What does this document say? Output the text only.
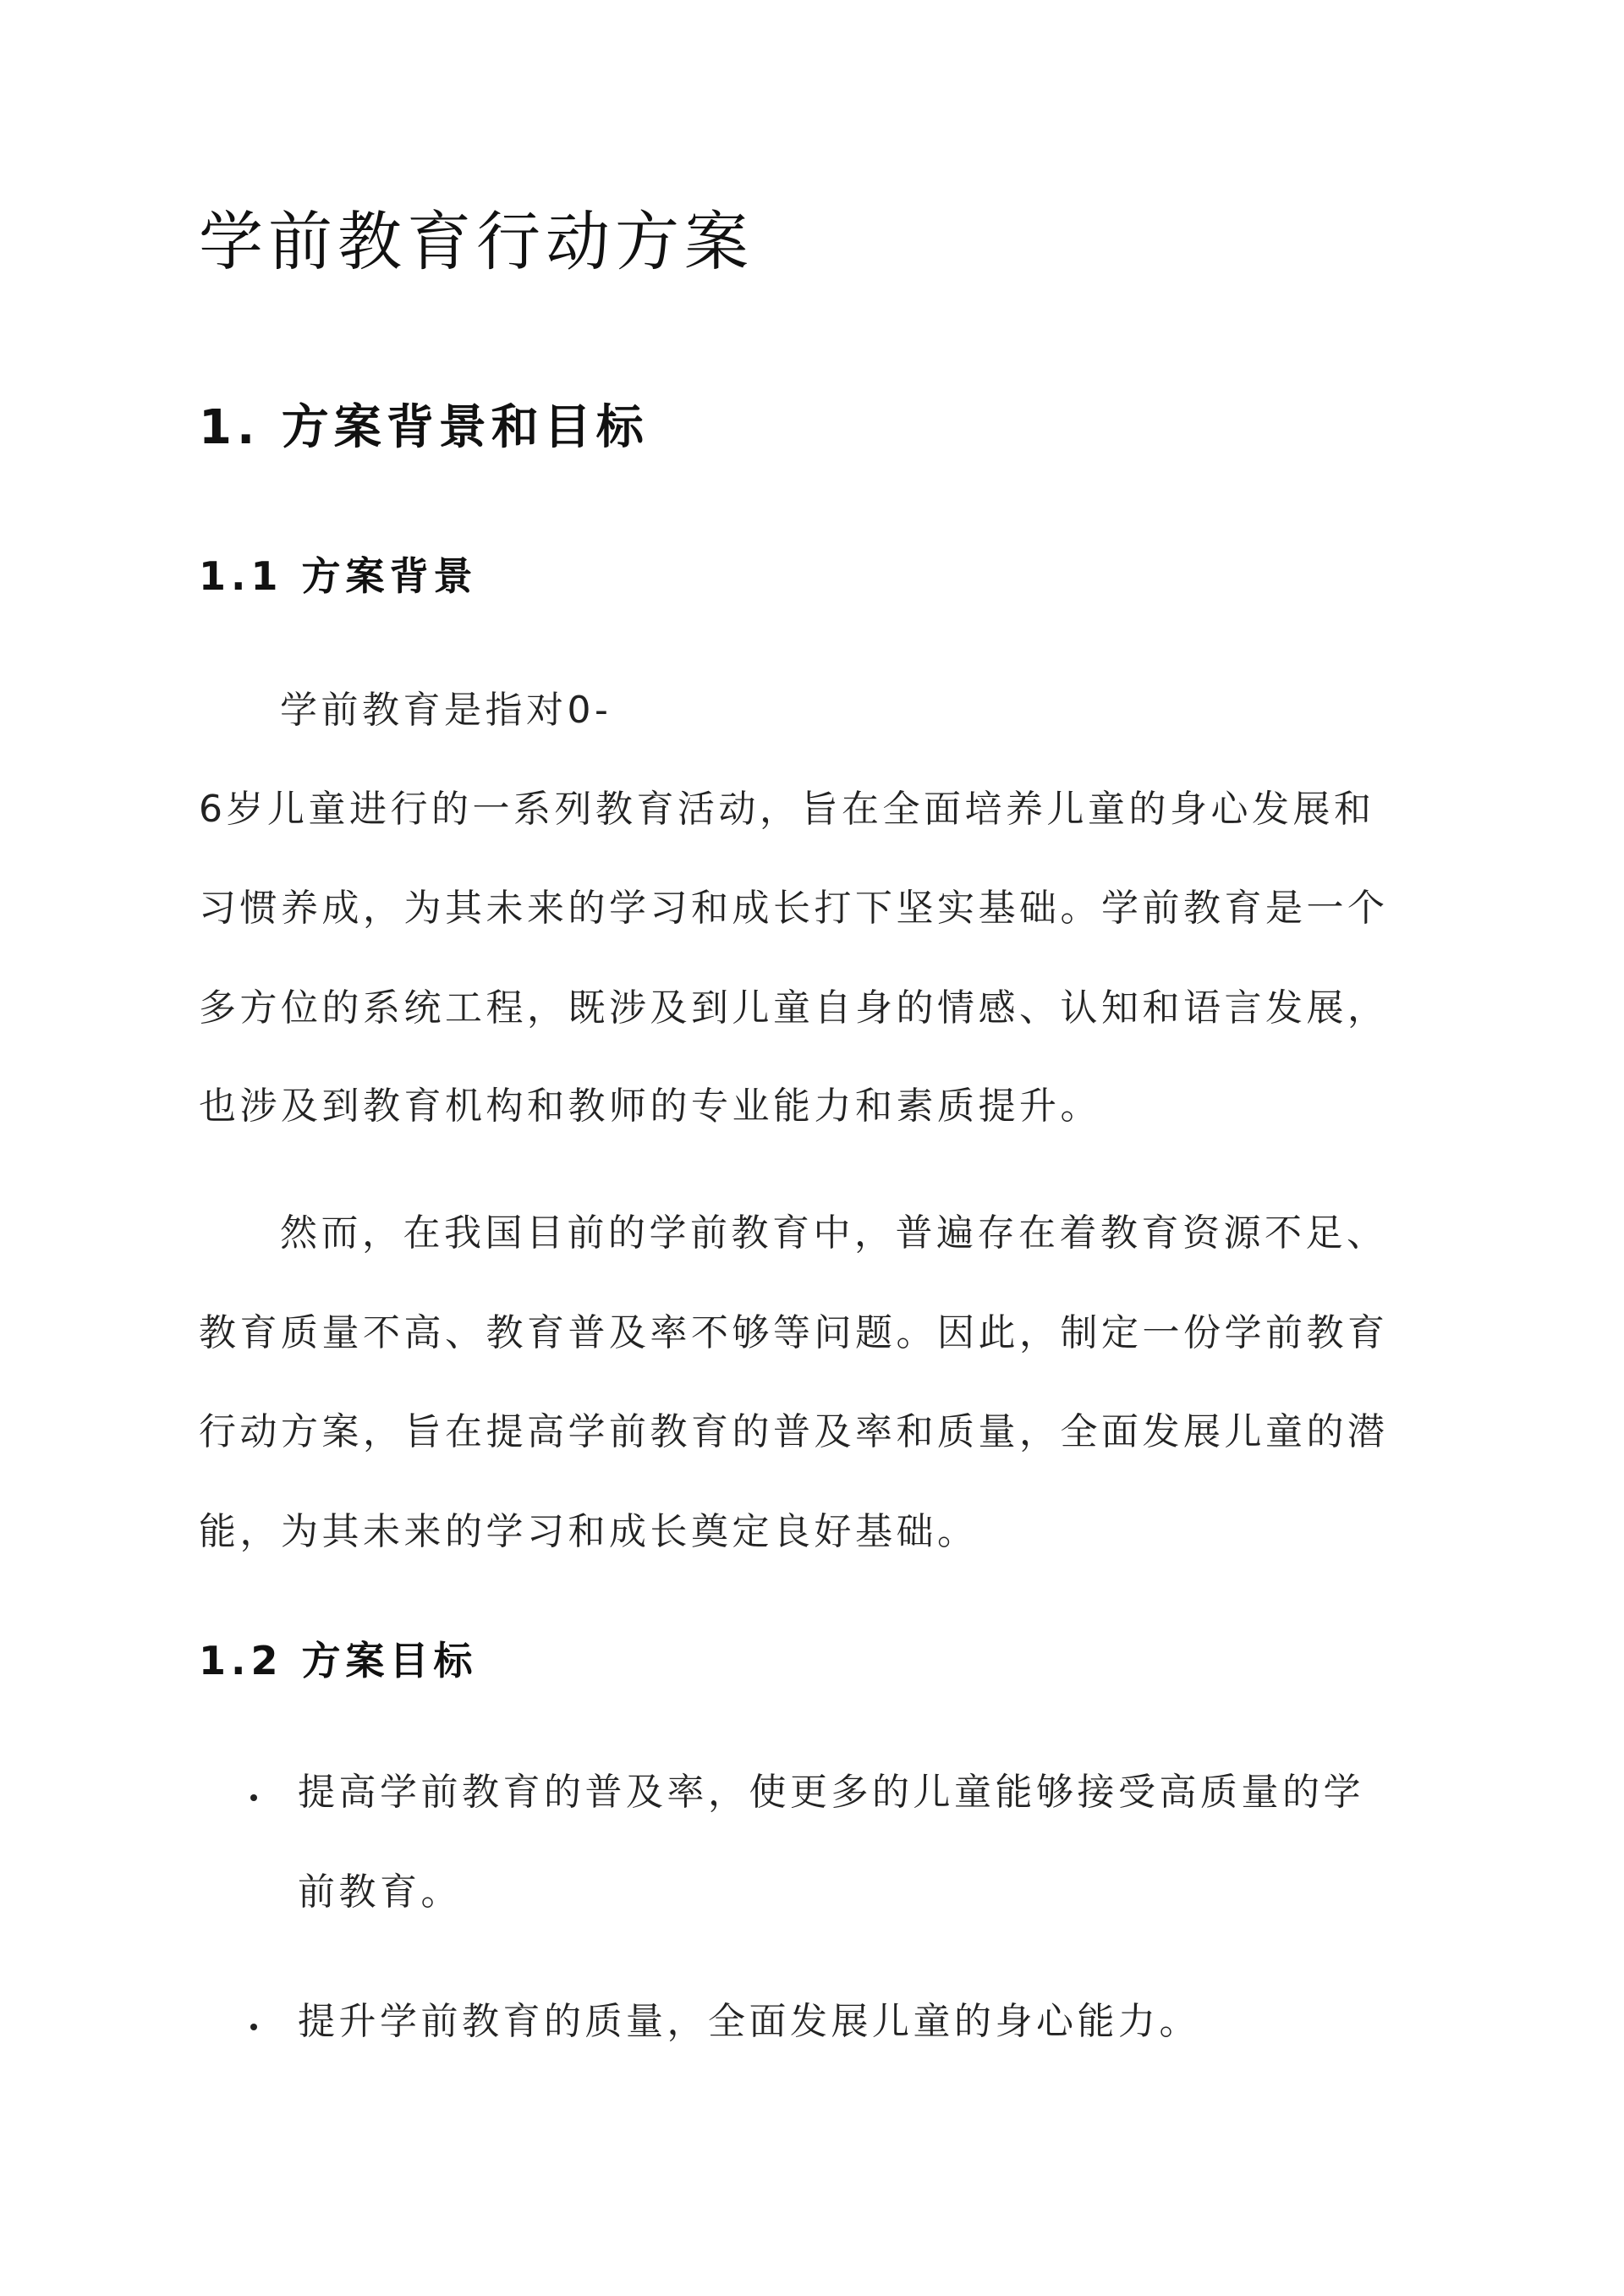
学前教育行动方案
1. 方案背景和目标
1.1 方案背景
学前教育是指对0-
6岁儿童进行的一系列教育活动，旨在全面培养儿童的身心发展和
习惯养成，为其未来的学习和成长打下坚实基础。学前教育是一个
多方位的系统工程，既涉及到儿童自身的情感、认知和语言发展，
也涉及到教育机构和教师的专业能力和素质提升。
然而，在我国目前的学前教育中，普遍存在着教育资源不足、
教育质量不高、教育普及率不够等问题。因此，制定一份学前教育
行动方案，旨在提高学前教育的普及率和质量，全面发展儿童的潜
能，为其未来的学习和成长奠定良好基础。
1.2 方案目标
提高学前教育的普及率，使更多的儿童能够接受高质量的学
前教育。
提升学前教育的质量，全面发展儿童的身心能力。
